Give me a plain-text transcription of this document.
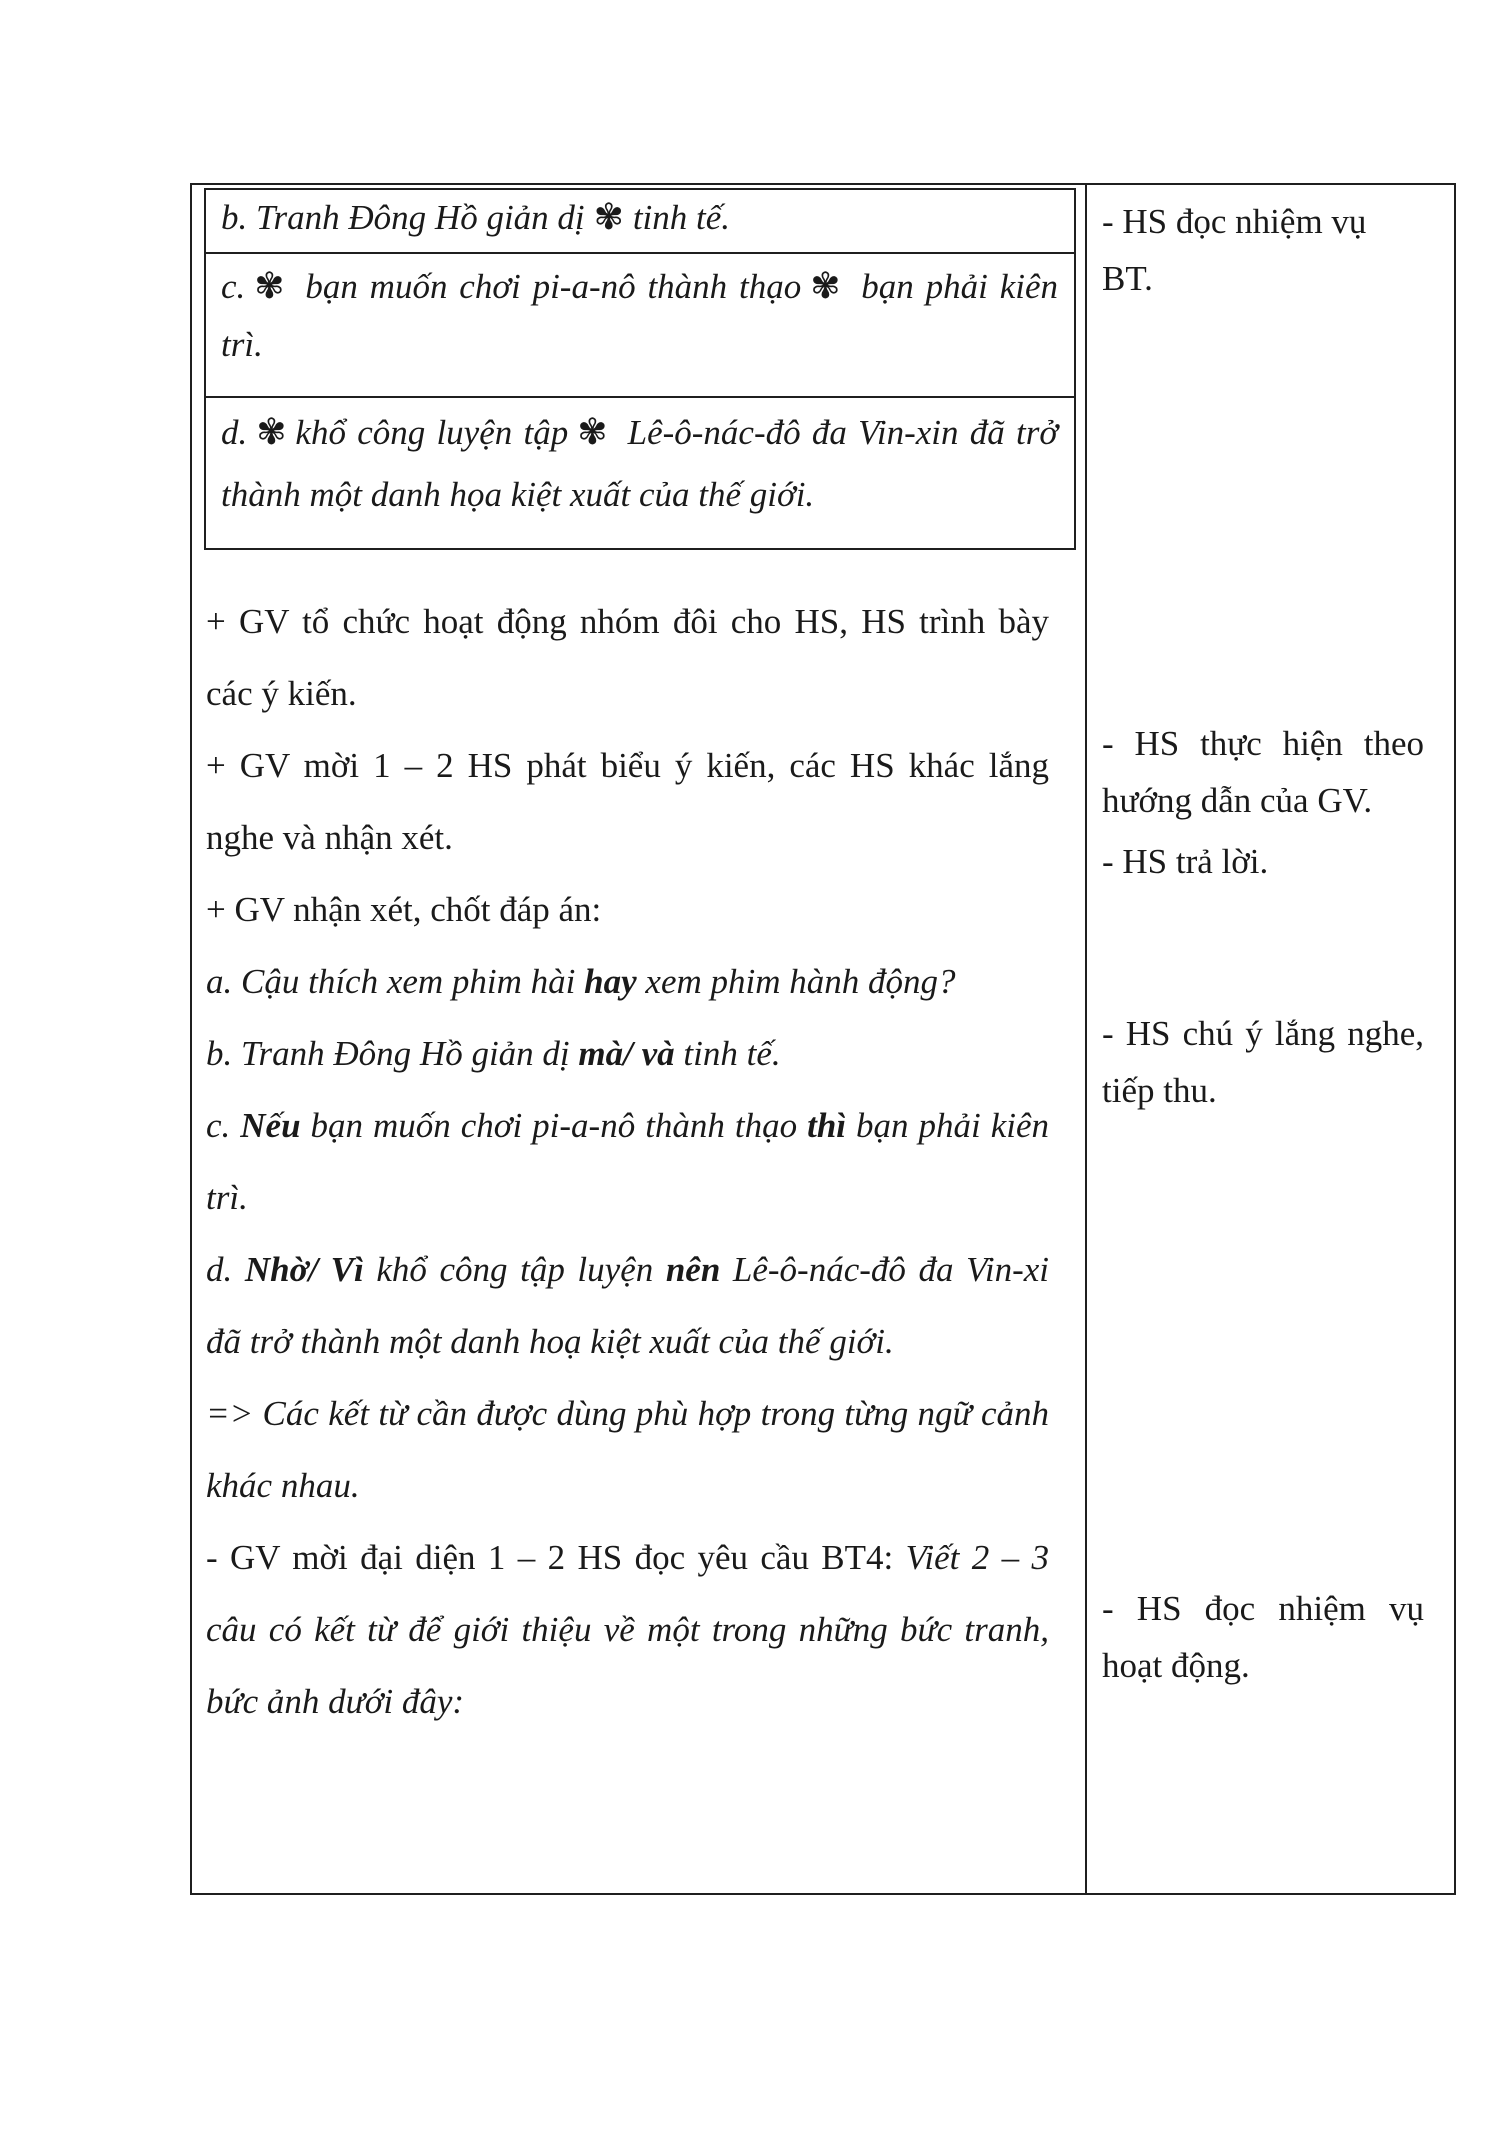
b. Tranh Đông Hồ giản dị ✾ tinh tế.
c. ✾ bạn muốn chơi pi-a-nô thành thạo ✾ bạn phải kiên trì.
d. ✾ khổ công luyện tập ✾ Lê-ô-nác-đô đa Vin-xin đã trở thành một danh họa kiệt xuất của thế giới.

+ GV tổ chức hoạt động nhóm đôi cho HS, HS trình bày các ý kiến.

+ GV mời 1 – 2 HS phát biểu ý kiến, các HS khác lắng nghe và nhận xét.

+ GV nhận xét, chốt đáp án:

a. Cậu thích xem phim hài hay xem phim hành động?

b. Tranh Đông Hồ giản dị mà/ và tinh tế.

c. Nếu bạn muốn chơi pi-a-nô thành thạo thì bạn phải kiên trì.

d. Nhờ/ Vì khổ công tập luyện nên Lê-ô-nác-đô đa Vin-xi đã trở thành một danh hoạ kiệt xuất của thế giới.

=> Các kết từ cần được dùng phù hợp trong từng ngữ cảnh khác nhau.

- GV mời đại diện 1 – 2 HS đọc yêu cầu BT4: Viết 2 – 3 câu có kết từ để giới thiệu về một trong những bức tranh, bức ảnh dưới đây:

- HS đọc nhiệm vụ BT.
- HS thực hiện theo hướng dẫn của GV.
- HS trả lời.
- HS chú ý lắng nghe, tiếp thu.
- HS đọc nhiệm vụ hoạt động.
